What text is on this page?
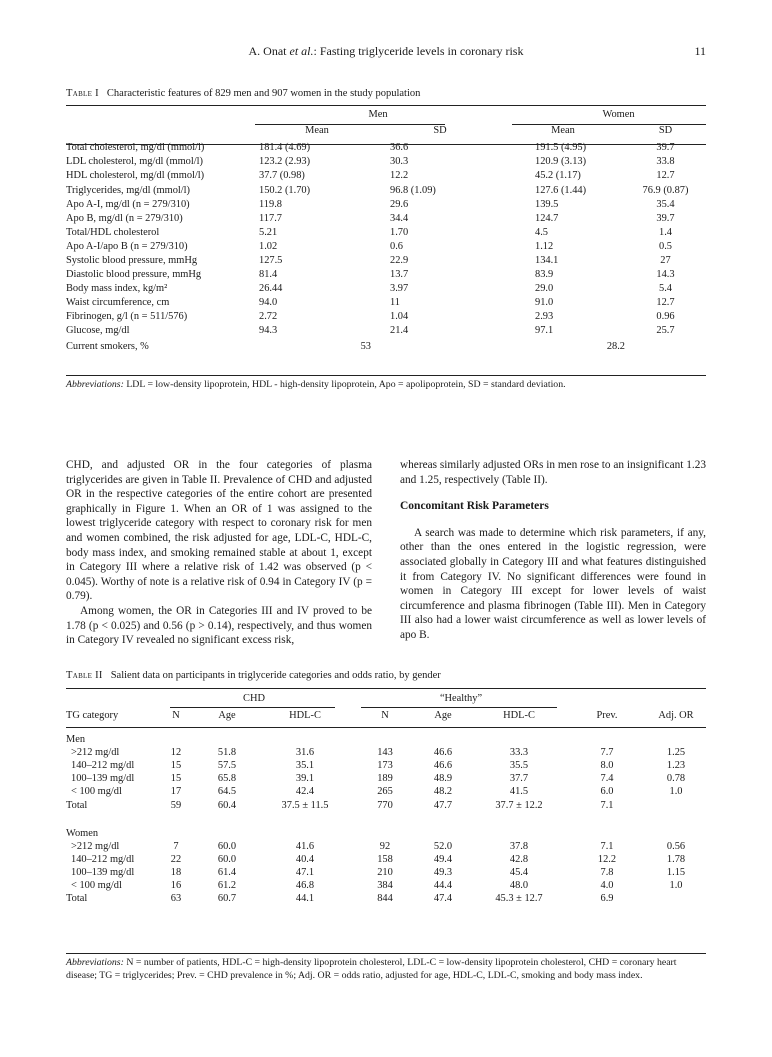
A. Onat et al.: Fasting triglyceride levels in coronary risk	11
Table I Characteristic features of 829 men and 907 women in the study population
	Men		Women	
	Mean	SD	Mean	SD
Total cholesterol, mg/dl (mmol/l)	181.4 (4.69)	36.6	191.5 (4.95)	39.7
LDL cholesterol, mg/dl (mmol/l)	123.2 (2.93)	30.3	120.9 (3.13)	33.8
HDL cholesterol, mg/dl (mmol/l)	37.7 (0.98)	12.2	45.2 (1.17)	12.7
Triglycerides, mg/dl (mmol/l)	150.2 (1.70)	96.8 (1.09)	127.6 (1.44)	76.9 (0.87)
Apo A-I, mg/dl (n = 279/310)	119.8	29.6	139.5	35.4
Apo B, mg/dl (n = 279/310)	117.7	34.4	124.7	39.7
Total/HDL cholesterol	5.21	1.70	4.5	1.4
Apo A-I/apo B (n = 279/310)	1.02	0.6	1.12	0.5
Systolic blood pressure, mmHg	127.5	22.9	134.1	27
Diastolic blood pressure, mmHg	81.4	13.7	83.9	14.3
Body mass index, kg/m²	26.44	3.97	29.0	5.4
Waist circumference, cm	94.0	11	91.0	12.7
Fibrinogen, g/l (n = 511/576)	2.72	1.04	2.93	0.96
Glucose, mg/dl	94.3	21.4	97.1	25.7
Current smokers, %	53		28.2	
Abbreviations: LDL = low-density lipoprotein, HDL - high-density lipoprotein, Apo = apolipoprotein, SD = standard deviation.

CHD, and adjusted OR in the four categories of plasma triglycerides are given in Table II. Prevalence of CHD and adjusted OR in the respective categories of the entire cohort are presented graphically in Figure 1. When an OR of 1 was assigned to the lowest triglyceride category with respect to coronary risk for men and women combined, the risk adjusted for age, LDL-C, HDL-C, body mass index, and smoking remained stable at about 1, except in Category III where a relative risk of 1.42 was observed (p < 0.045). Worthy of note is a relative risk of 0.94 in Category IV (p = 0.79).

Among women, the OR in Categories III and IV proved to be 1.78 (p < 0.025) and 0.56 (p > 0.14), respectively, and thus women in Category IV revealed no significant excess risk,

whereas similarly adjusted ORs in men rose to an insignificant 1.23 and 1.25, respectively (Table II).

Concomitant Risk Parameters

A search was made to determine which risk parameters, if any, other than the ones entered in the logistic regression, were associated globally in Category III and what features distinguished it from Category IV. No significant differences were found in women in Category III except for lower levels of waist circumference and plasma fibrinogen (Table III). Men in Category III also had a lower waist circumference as well as lower levels of apo B.

Table II Salient data on participants in triglyceride categories and odds ratio, by gender
	CHD			“Healthy”				
TG category	N	Age	HDL-C	N	Age	HDL-C	Prev.	Adj. OR
Men								
>212 mg/dl	12	51.8	31.6	143	46.6	33.3	7.7	1.25
140–212 mg/dl	15	57.5	35.1	173	46.6	35.5	8.0	1.23
100–139 mg/dl	15	65.8	39.1	189	48.9	37.7	7.4	0.78
< 100 mg/dl	17	64.5	42.4	265	48.2	41.5	6.0	1.0
Total	59	60.4	37.5 ± 11.5	770	47.7	37.7 ± 12.2	7.1	
Women								
>212 mg/dl	7	60.0	41.6	92	52.0	37.8	7.1	0.56
140–212 mg/dl	22	60.0	40.4	158	49.4	42.8	12.2	1.78
100–139 mg/dl	18	61.4	47.1	210	49.3	45.4	7.8	1.15
< 100 mg/dl	16	61.2	46.8	384	44.4	48.0	4.0	1.0
Total	63	60.7	44.1	844	47.4	45.3 ± 12.7	6.9	
Abbreviations: N = number of patients, HDL-C = high-density lipoprotein cholesterol, LDL-C = low-density lipoprotein cholesterol, CHD = coronary heart disease; TG = triglycerides; Prev. = CHD prevalence in %; Adj. OR = odds ratio, adjusted for age, HDL-C, LDL-C, smoking and body mass index.
